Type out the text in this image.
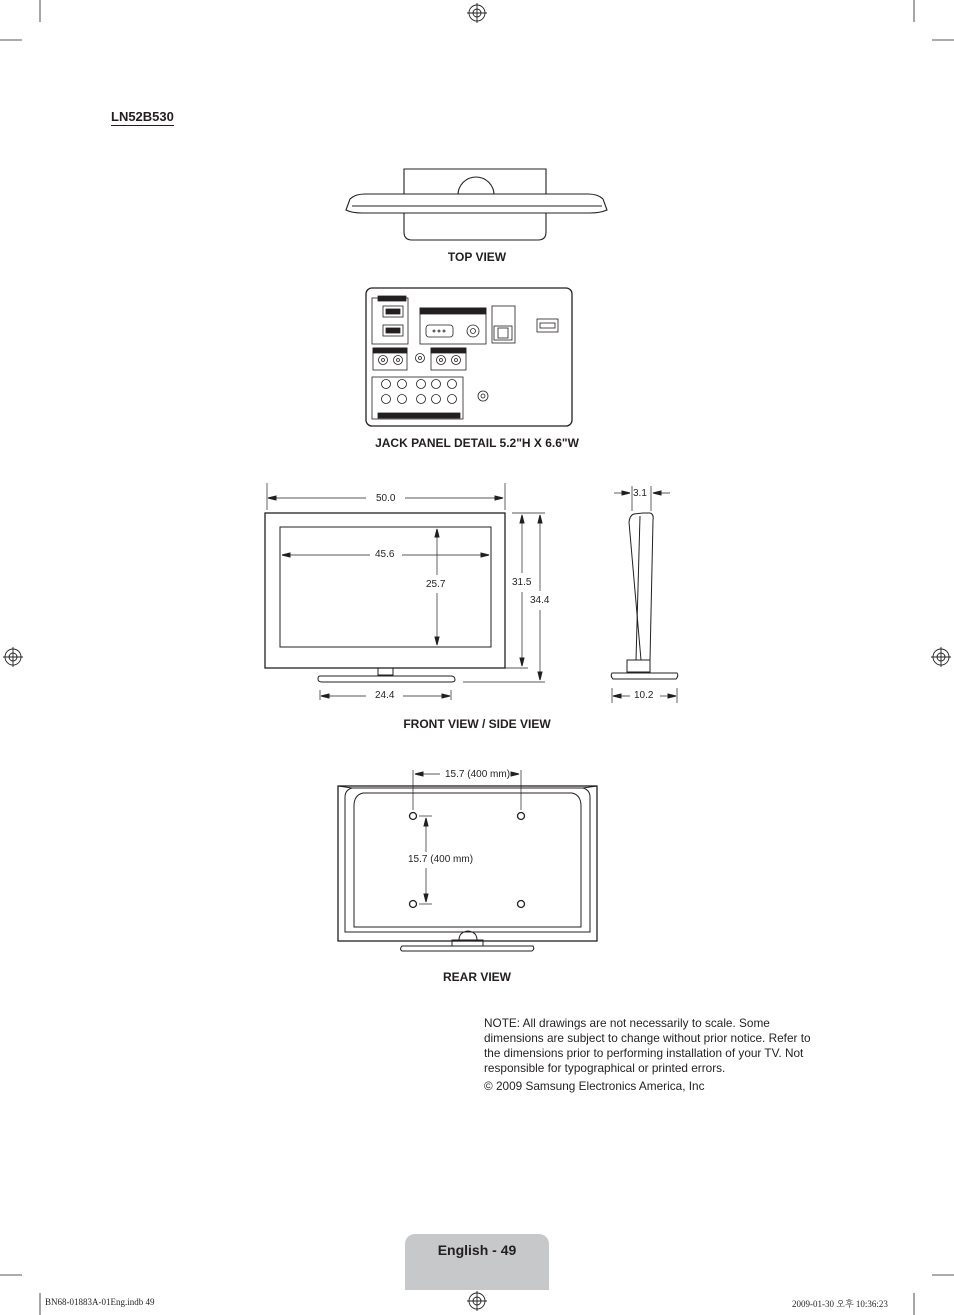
LN52B530
TOP VIEW
JACK PANEL DETAIL 5.2"H X 6.6"W
FRONT VIEW / SIDE VIEW
REAR VIEW
50.0
45.6
25.7	31.5
34.4
24.4
3.1
10.2
15.7 (400 mm)
15.7 (400 mm)

NOTE: All drawings are not necessarily to scale. Some dimensions are subject to change without prior notice. Refer to the dimensions prior to performing installation of your TV. Not responsible for typographical or printed errors.

© 2009 Samsung Electronics America, Inc

English - 49
BN68-01883A-01Eng.indb 49	2009-01-30 오후 10:36:23
